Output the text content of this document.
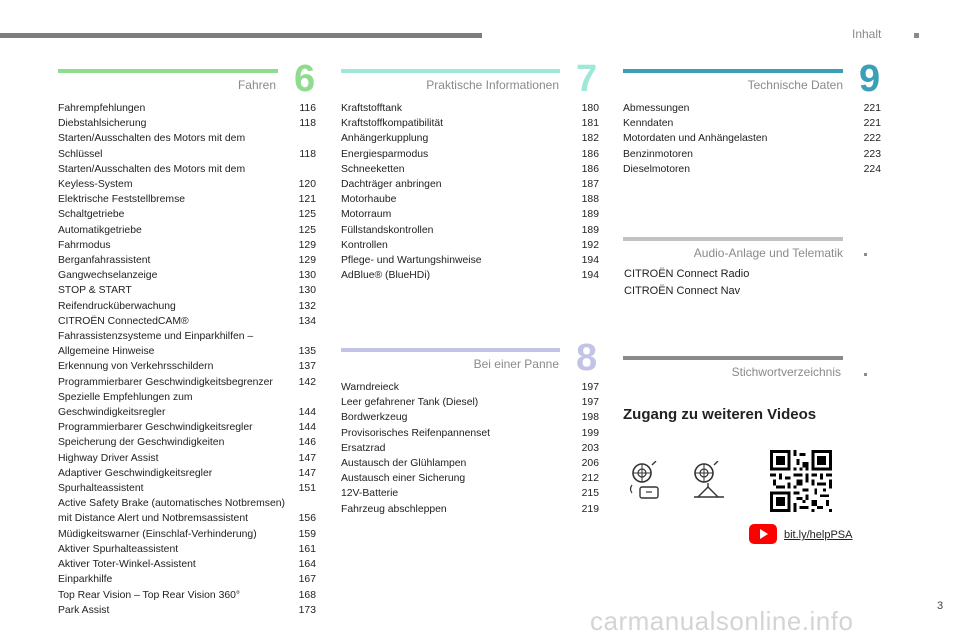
Inhalt
Fahren 6
Fahrempfehlungen	116
Diebstahlsicherung	118
Starten/Ausschalten des Motors mit dem Schlüssel	118
Starten/Ausschalten des Motors mit dem Keyless-System	120
Elektrische Feststellbremse	121
Schaltgetriebe	125
Automatikgetriebe	125
Fahrmodus	129
Berganfahrassistent	129
Gangwechselanzeige	130
STOP & START	130
Reifendrucküberwachung	132
CITROËN ConnectedCAM®	134
Fahrassistenzsysteme und Einparkhilfen – Allgemeine Hinweise	135
Erkennung von Verkehrsschildern	137
Programmierbarer Geschwindigkeitsbegrenzer	142
Spezielle Empfehlungen zum Geschwindigkeitsregler	144
Programmierbarer Geschwindigkeitsregler	144
Speicherung der Geschwindigkeiten	146
Highway Driver Assist	147
Adaptiver Geschwindigkeitsregler	147
Spurhalteassistent	151
Active Safety Brake (automatisches Notbremsen) mit Distance Alert und Notbremsassistent	156
Müdigkeitswarner (Einschlaf-Verhinderung)	159
Aktiver Spurhalteassistent	161
Aktiver Toter-Winkel-Assistent	164
Einparkhilfe	167
Top Rear Vision – Top Rear Vision 360°	168
Park Assist	173
Praktische Informationen 7
Kraftstofftank	180
Kraftstoffkompatibilität	181
Anhängerkupplung	182
Energiesparmodus	186
Schneeketten	186
Dachträger anbringen	187
Motorhaube	188
Motorraum	189
Füllstandskontrollen	189
Kontrollen	192
Pflege- und Wartungshinweise	194
AdBlue® (BlueHDi)	194
Bei einer Panne 8
Warndreieck	197
Leer gefahrener Tank (Diesel)	197
Bordwerkzeug	198
Provisorisches Reifenpannenset	199
Ersatzrad	203
Austausch der Glühlampen	206
Austausch einer Sicherung	212
12V-Batterie	215
Fahrzeug abschleppen	219
Technische Daten 9
Abmessungen	221
Kenndaten	221
Motordaten und Anhängelasten	222
Benzinmotoren	223
Dieselmotoren	224
Audio-Anlage und Telematik
CITROËN Connect Radio
CITROËN Connect Nav
Stichwortverzeichnis
Zugang zu weiteren Videos
bit.ly/helpPSA
carmanualsonline.info	3
